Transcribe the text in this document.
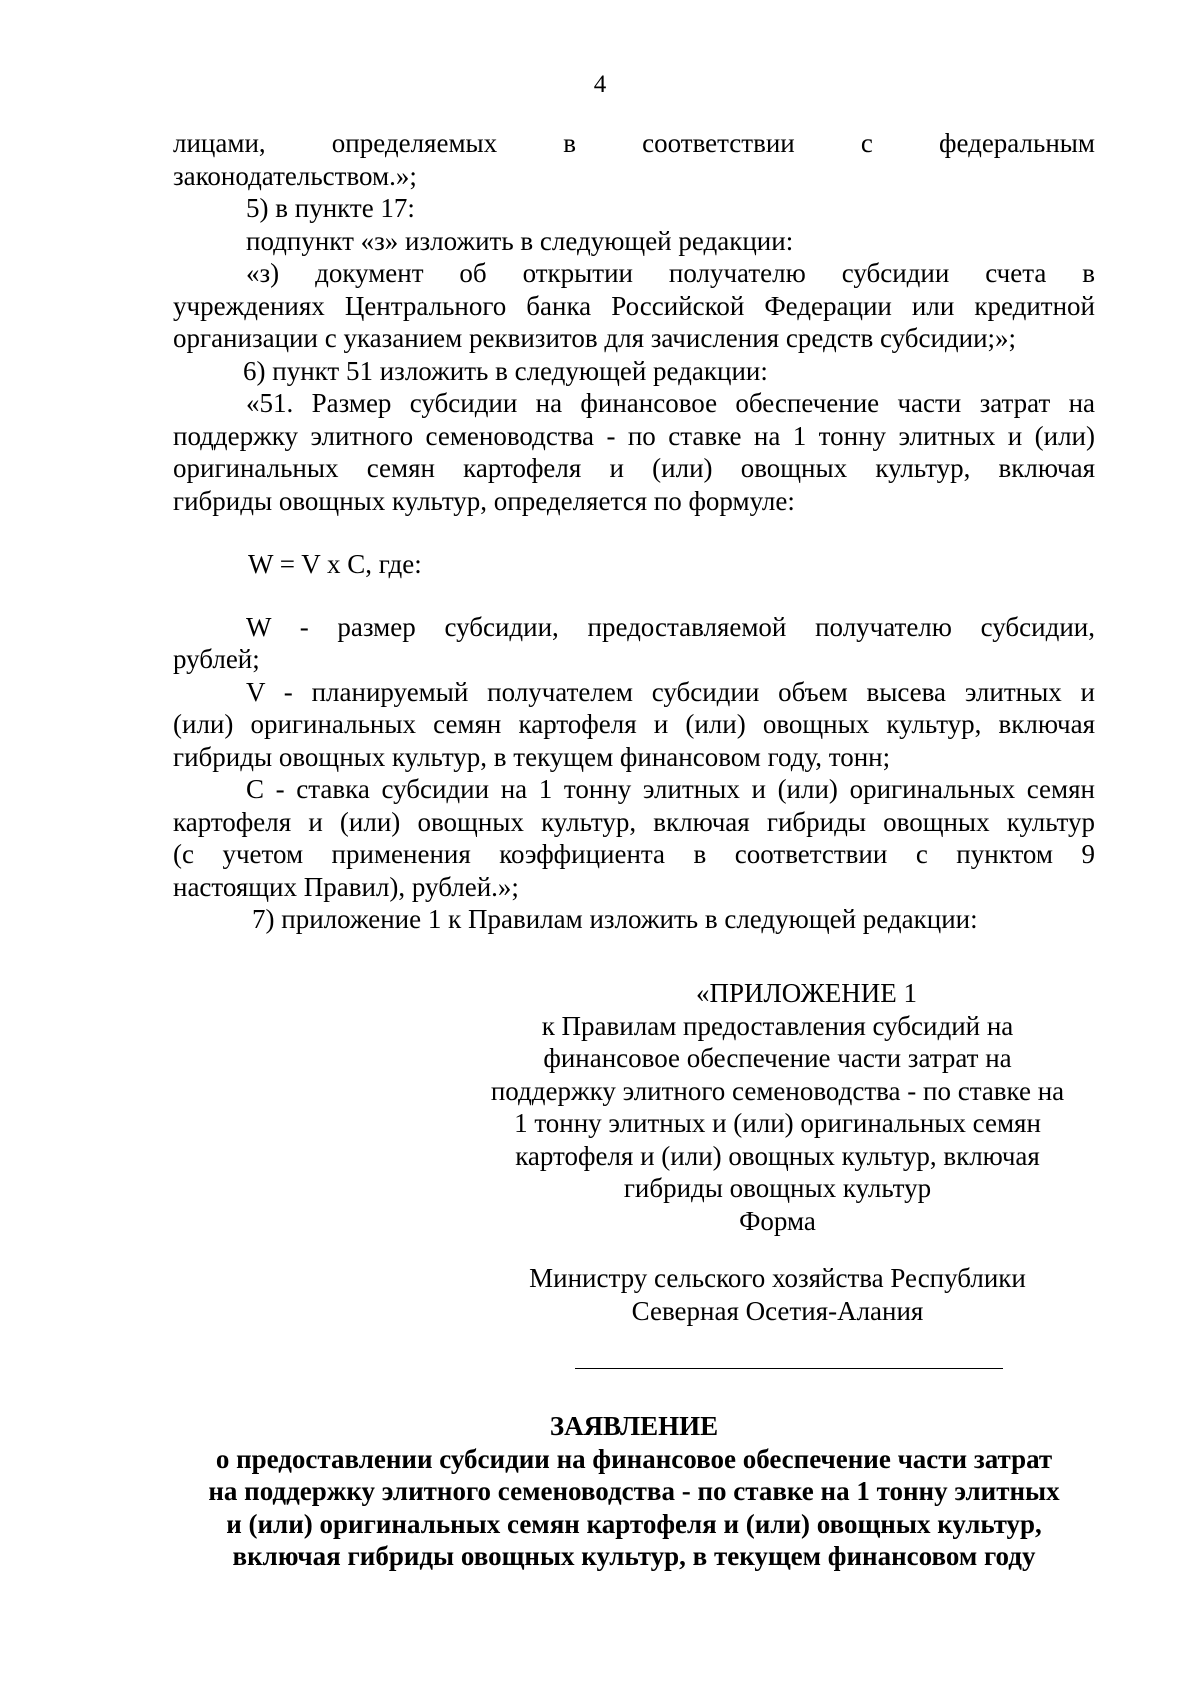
4

лицами, определяемых в соответствии с федеральным

законодательством.»;

5) в пункте 17:

подпункт «з» изложить в следующей редакции:

«з) документ об открытии получателю субсидии счета в

учреждениях Центрального банка Российской Федерации или кредитной

организации с указанием реквизитов для зачисления средств субсидии;»;

6) пункт 51 изложить в следующей редакции:

«51. Размер субсидии на финансовое обеспечение части затрат на

поддержку элитного семеноводства - по ставке на 1 тонну элитных и (или)

оригинальных семян картофеля и (или) овощных культур, включая

гибриды овощных культур, определяется по формуле:

W = V x C, где:

W - размер субсидии, предоставляемой получателю субсидии,

рублей;

V - планируемый получателем субсидии объем высева элитных и

(или) оригинальных семян картофеля и (или) овощных культур, включая

гибриды овощных культур, в текущем финансовом году, тонн;

C - ставка субсидии на 1 тонну элитных и (или) оригинальных семян

картофеля и (или) овощных культур, включая гибриды овощных культур

(с учетом применения коэффициента в соответствии с пунктом 9

настоящих Правил), рублей.»;

7) приложение 1 к Правилам изложить в следующей редакции:

«ПРИЛОЖЕНИЕ 1

к Правилам предоставления субсидий на

финансовое обеспечение части затрат на

поддержку элитного семеноводства - по ставке на

1 тонну элитных и (или) оригинальных семян

картофеля и (или) овощных культур, включая

гибриды овощных культур

Форма

Министру сельского хозяйства Республики

Северная Осетия-Алания

ЗАЯВЛЕНИЕ

о предоставлении субсидии на финансовое обеспечение части затрат

на поддержку элитного семеноводства - по ставке на 1 тонну элитных

и (или) оригинальных семян картофеля и (или) овощных культур,

включая гибриды овощных культур, в текущем финансовом году
